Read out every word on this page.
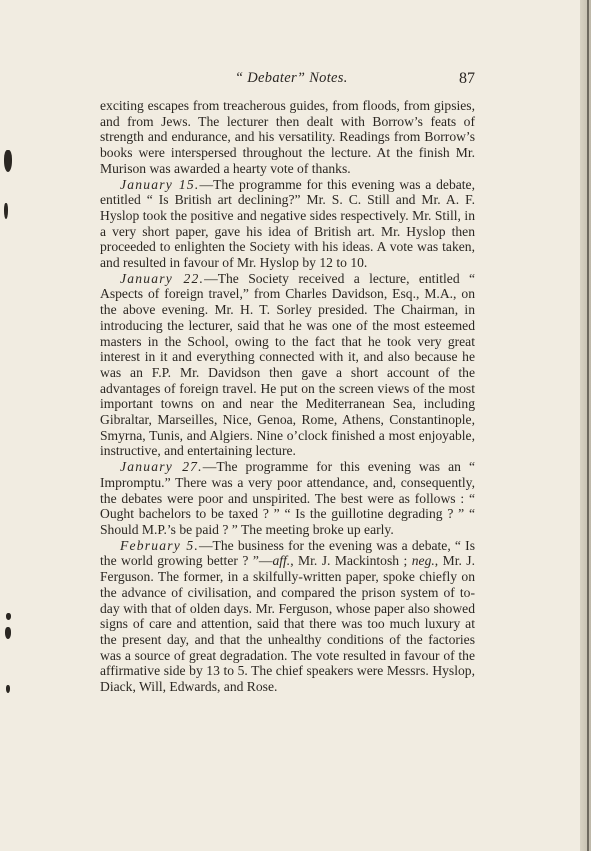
“ Debater” Notes.	87

exciting escapes from treacherous guides, from floods, from gipsies, and from Jews. The lecturer then dealt with Borrow’s feats of strength and endurance, and his versatility. Readings from Borrow’s books were interspersed throughout the lecture. At the finish Mr. Murison was awarded a hearty vote of thanks.

January 15.—The programme for this evening was a debate, entitled “ Is British art declining?” Mr. S. C. Still and Mr. A. F. Hyslop took the positive and negative sides respectively. Mr. Still, in a very short paper, gave his idea of British art. Mr. Hyslop then proceeded to enlighten the Society with his ideas. A vote was taken, and resulted in favour of Mr. Hyslop by 12 to 10.

January 22.—The Society received a lecture, entitled “ Aspects of foreign travel,” from Charles Davidson, Esq., M.A., on the above evening. Mr. H. T. Sorley presided. The Chairman, in introducing the lecturer, said that he was one of the most esteemed masters in the School, owing to the fact that he took very great interest in it and everything connected with it, and also because he was an F.P. Mr. Davidson then gave a short account of the advantages of foreign travel. He put on the screen views of the most important towns on and near the Mediterranean Sea, including Gibraltar, Marseilles, Nice, Genoa, Rome, Athens, Constantinople, Smyrna, Tunis, and Algiers. Nine o’clock finished a most enjoyable, instructive, and entertaining lecture.

January 27.—The programme for this evening was an “ Impromptu.” There was a very poor attendance, and, consequently, the debates were poor and unspirited. The best were as follows : “ Ought bachelors to be taxed ? ” “ Is the guillotine degrading ? ” “ Should M.P.’s be paid ? ” The meeting broke up early.

February 5.—The business for the evening was a debate, “ Is the world growing better ? ”—aff., Mr. J. Mackintosh ; neg., Mr. J. Ferguson. The former, in a skilfully-written paper, spoke chiefly on the advance of civilisation, and compared the prison system of to-day with that of olden days. Mr. Ferguson, whose paper also showed signs of care and attention, said that there was too much luxury at the present day, and that the unhealthy conditions of the factories was a source of great degradation. The vote resulted in favour of the affirmative side by 13 to 5. The chief speakers were Messrs. Hyslop, Diack, Will, Edwards, and Rose.
